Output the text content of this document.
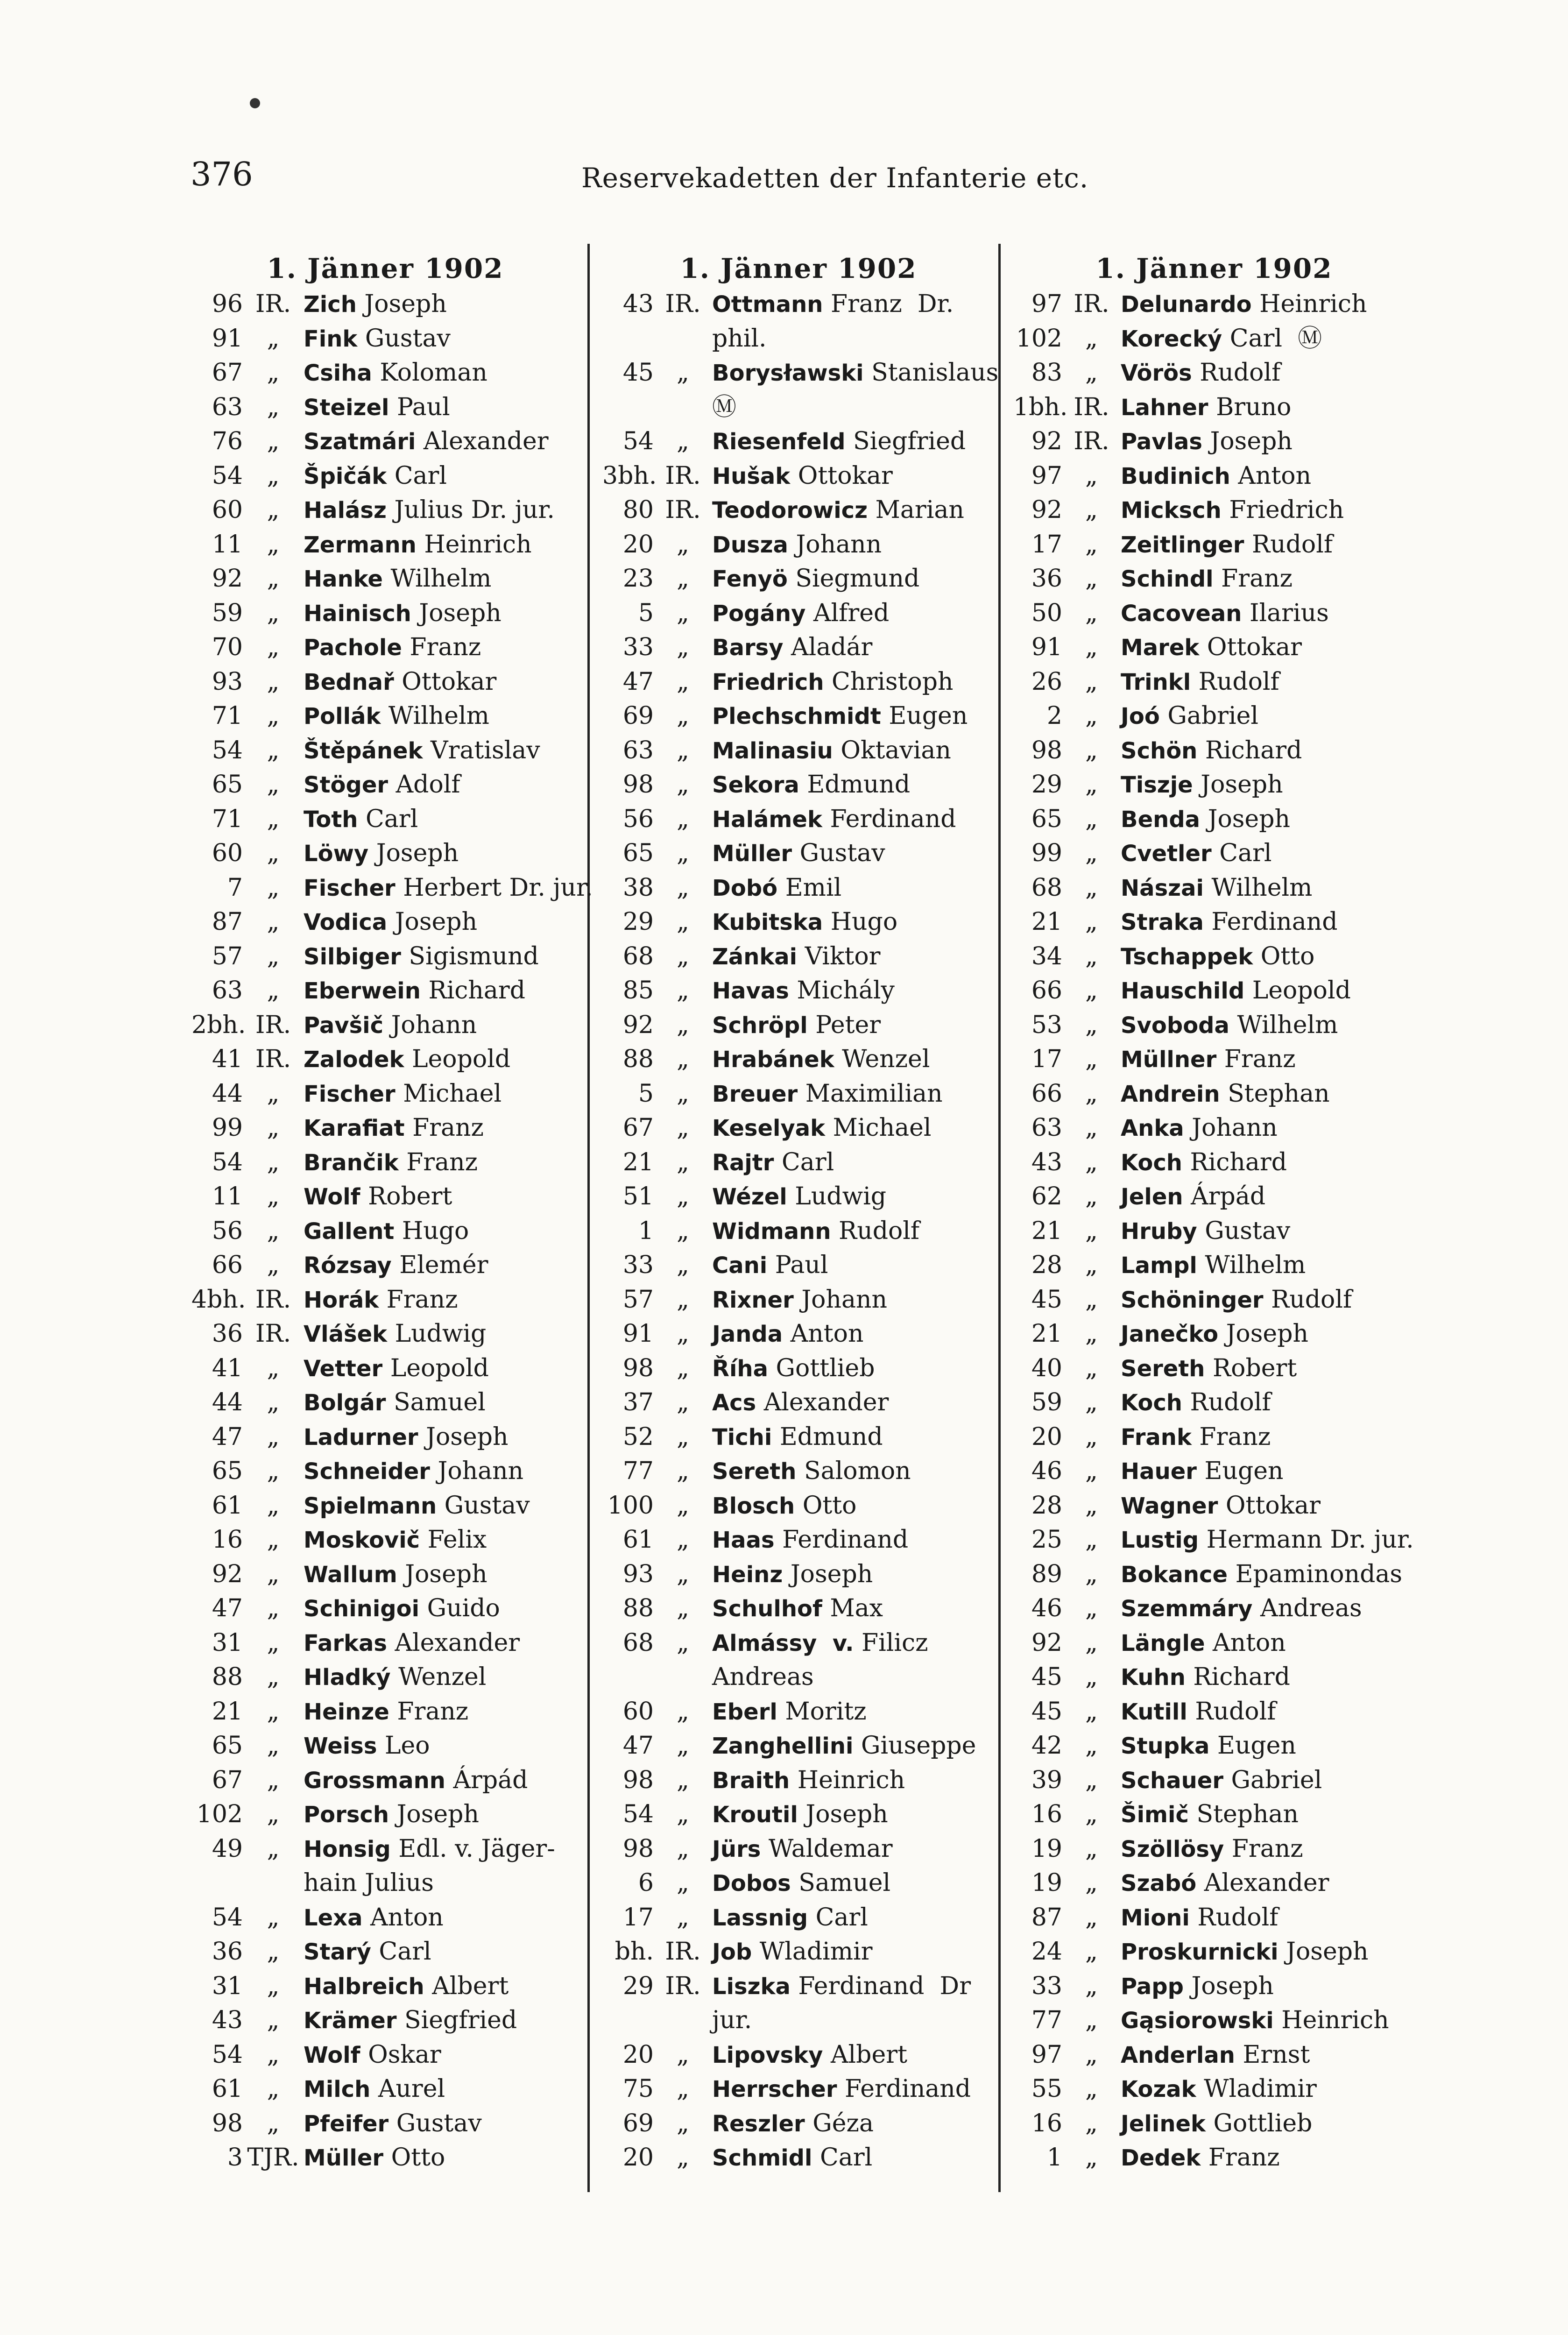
376	Reservekadetten der Infanterie etc.
1. Jänner 1902
96 IR. Zich Joseph
91 „	Fink Gustav
67 „	Csiha Koloman
63 „	Steizel Paul
76 „	Szatmári Alexander
54 „	Špičák Carl
60 „	Halász Julius Dr. jur.
11 „	Zermann Heinrich
92 „	Hanke Wilhelm
59 „	Hainisch Joseph
70 „	Pachole Franz
93 „	Bednař Ottokar
71 „	Pollák Wilhelm
54 „	Štěpánek Vratislav
65 „	Stöger Adolf
71 „	Toth Carl
60 „	Löwy Joseph
7 „	Fischer Herbert Dr. jur.
87 „	Vodica Joseph
57 „	Silbiger Sigismund
63 „	Eberwein Richard
2bh. IR. Pavšič Johann
41 IR. Zalodek Leopold
44 „	Fischer Michael
99 „	Karafiat Franz
54 „	Brančik Franz
11 „	Wolf Robert
56 „	Gallent Hugo
66 „	Rózsay Elemér
4bh. IR. Horák Franz
36 IR. Vlášek Ludwig
41 „	Vetter Leopold
44 „	Bolgár Samuel
47 „	Ladurner Joseph
65 „	Schneider Johann
61 „	Spielmann Gustav
16 „	Moskovič Felix
92 „	Wallum Joseph
47 „	Schinigoi Guido
31 „	Farkas Alexander
88 „	Hladký Wenzel
21 „	Heinze Franz
65 „	Weiss Leo
67 „	Grossmann Árpád
102 „	Porsch Joseph
49 „	Honsig Edl. v. Jäger-
hain Julius
54 „	Lexa Anton
36 „	Starý Carl
31 „	Halbreich Albert
43 „	Krämer Siegfried
54 „	Wolf Oskar
61 „	Milch Aurel
98 „	Pfeifer Gustav
3 TJR. Müller Otto
1. Jänner 1902
43 IR. Ottmann Franz  Dr.
phil.
45 „	Borysławski Stanislaus
Ⓜ
54 „	Riesenfeld Siegfried
3bh. IR. Hušak Ottokar
80 IR. Teodorowicz Marian
20 „	Dusza Johann
23 „	Fenyö Siegmund
5 „	Pogány Alfred
33 „	Barsy Aladár
47 „	Friedrich Christoph
69 „	Plechschmidt Eugen
63 „	Malinasiu Oktavian
98 „	Sekora Edmund
56 „	Halámek Ferdinand
65 „	Müller Gustav
38 „	Dobó Emil
29 „	Kubitska Hugo
68 „	Zánkai Viktor
85 „	Havas Michály
92 „	Schröpl Peter
88 „	Hrabánek Wenzel
5 „	Breuer Maximilian
67 „	Keselyak Michael
21 „	Rajtr Carl
51 „	Wézel Ludwig
1 „	Widmann Rudolf
33 „	Cani Paul
57 „	Rixner Johann
91 „	Janda Anton
98 „	Říha Gottlieb
37 „	Acs Alexander
52 „	Tichi Edmund
77 „	Sereth Salomon
100 „	Blosch Otto
61 „	Haas Ferdinand
93 „	Heinz Joseph
88 „	Schulhof Max
68 „	Almássy  v. Filicz
Andreas
60 „	Eberl Moritz
47 „	Zanghellini Giuseppe
98 „	Braith Heinrich
54 „	Kroutil Joseph
98 „	Jürs Waldemar
6 „	Dobos Samuel
17 „	Lassnig Carl
bh. IR. Job Wladimir
29 IR. Liszka Ferdinand  Dr
jur.
20 „	Lipovsky Albert
75 „	Herrscher Ferdinand
69 „	Reszler Géza
20 „	Schmidl Carl
1. Jänner 1902
97 IR. Delunardo Heinrich
102 „	Korecký Carl  Ⓜ
83 „	Vörös Rudolf
1bh. IR. Lahner Bruno
92 IR. Pavlas Joseph
97 „	Budinich Anton
92 „	Micksch Friedrich
17 „	Zeitlinger Rudolf
36 „	Schindl Franz
50 „	Cacovean Ilarius
91 „	Marek Ottokar
26 „	Trinkl Rudolf
2 „	Joó Gabriel
98 „	Schön Richard
29 „	Tiszje Joseph
65 „	Benda Joseph
99 „	Cvetler Carl
68 „	Nászai Wilhelm
21 „	Straka Ferdinand
34 „	Tschappek Otto
66 „	Hauschild Leopold
53 „	Svoboda Wilhelm
17 „	Müllner Franz
66 „	Andrein Stephan
63 „	Anka Johann
43 „	Koch Richard
62 „	Jelen Árpád
21 „	Hruby Gustav
28 „	Lampl Wilhelm
45 „	Schöninger Rudolf
21 „	Janečko Joseph
40 „	Sereth Robert
59 „	Koch Rudolf
20 „	Frank Franz
46 „	Hauer Eugen
28 „	Wagner Ottokar
25 „	Lustig Hermann Dr. jur.
89 „	Bokance Epaminondas
46 „	Szemmáry Andreas
92 „	Längle Anton
45 „	Kuhn Richard
45 „	Kutill Rudolf
42 „	Stupka Eugen
39 „	Schauer Gabriel
16 „	Šimič Stephan
19 „	Szöllösy Franz
19 „	Szabó Alexander
87 „	Mioni Rudolf
24 „	Proskurnicki Joseph
33 „	Papp Joseph
77 „	Gąsiorowski Heinrich
97 „	Anderlan Ernst
55 „	Kozak Wladimir
16 „	Jelinek Gottlieb
1 „	Dedek Franz
